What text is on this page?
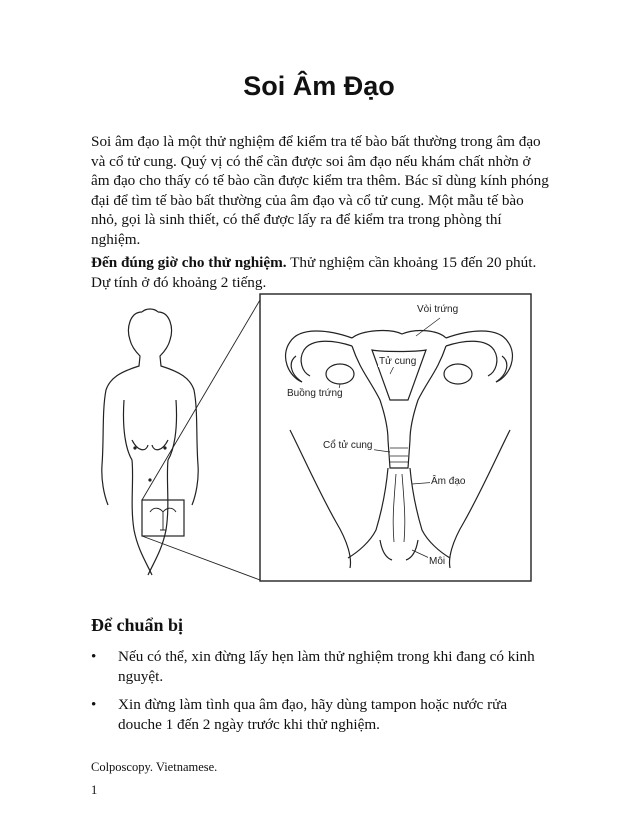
Soi Âm Đạo

Soi âm đạo là một thử nghiệm để kiểm tra tế bào bất thường trong âm đạo và cổ tử cung. Quý vị có thể cần được soi âm đạo nếu khám chất nhờn ở âm đạo cho thấy có tế bào cần được kiểm tra thêm. Bác sĩ dùng kính phóng đại để tìm tế bào bất thường của âm đạo và cổ tử cung. Một mẫu tế bào nhỏ, gọi là sinh thiết, có thể được lấy ra để kiểm tra trong phòng thí nghiệm.

Đến đúng giờ cho thử nghiệm. Thử nghiệm cần khoảng 15 đến 20 phút. Dự tính ở đó khoảng 2 tiếng.

Vòi trứng
Tử cung
Buồng trứng
Cổ tử cung
Âm đạo
Môi
Để chuẩn bị
• Nếu có thể, xin đừng lấy hẹn làm thử nghiệm trong khi đang có kinh nguyệt.
• Xin đừng làm tình qua âm đạo, hãy dùng tampon hoặc nước rửa douche 1 đến 2 ngày trước khi thử nghiệm.

Colposcopy. Vietnamese.

1
